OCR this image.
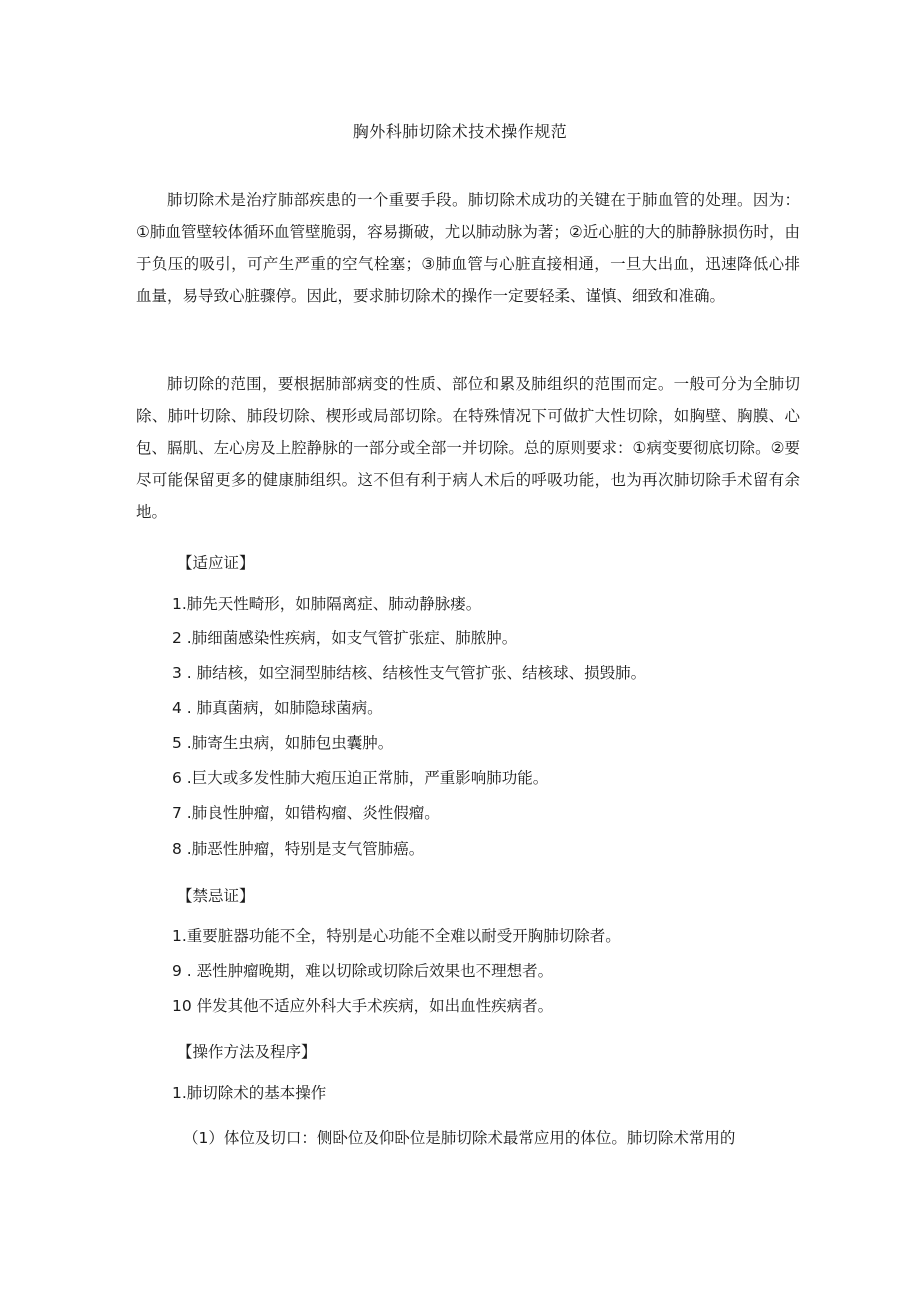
胸外科肺切除术技术操作规范

肺切除术是治疗肺部疾患的一个重要手段。肺切除术成功的关键在于肺血管的处理。因为：①肺血管壁较体循环血管壁脆弱，容易撕破，尤以肺动脉为著；②近心脏的大的肺静脉损伤时，由于负压的吸引，可产生严重的空气栓塞；③肺血管与心脏直接相通，一旦大出血，迅速降低心排血量，易导致心脏骤停。因此，要求肺切除术的操作一定要轻柔、谨慎、细致和准确。

肺切除的范围，要根据肺部病变的性质、部位和累及肺组织的范围而定。一般可分为全肺切除、肺叶切除、肺段切除、楔形或局部切除。在特殊情况下可做扩大性切除，如胸壁、胸膜、心包、膈肌、左心房及上腔静脉的一部分或全部一并切除。总的原则要求：①病变要彻底切除。②要尽可能保留更多的健康肺组织。这不但有利于病人术后的呼吸功能，也为再次肺切除手术留有余地。

【适应证】
1.肺先天性畸形，如肺隔离症、肺动静脉瘘。
2 .肺细菌感染性疾病，如支气管扩张症、肺脓肿。
3 . 肺结核，如空洞型肺结核、结核性支气管扩张、结核球、损毁肺。
4 . 肺真菌病，如肺隐球菌病。
5 .肺寄生虫病，如肺包虫囊肿。
6 .巨大或多发性肺大疱压迫正常肺，严重影响肺功能。
7 .肺良性肿瘤，如错构瘤、炎性假瘤。
8 .肺恶性肿瘤，特别是支气管肺癌。
【禁忌证】
1.重要脏器功能不全，特别是心功能不全难以耐受开胸肺切除者。
9 . 恶性肿瘤晚期，难以切除或切除后效果也不理想者。
10 伴发其他不适应外科大手术疾病，如出血性疾病者。
【操作方法及程序】
1.肺切除术的基本操作
（1）体位及切口：侧卧位及仰卧位是肺切除术最常应用的体位。肺切除术常用的
